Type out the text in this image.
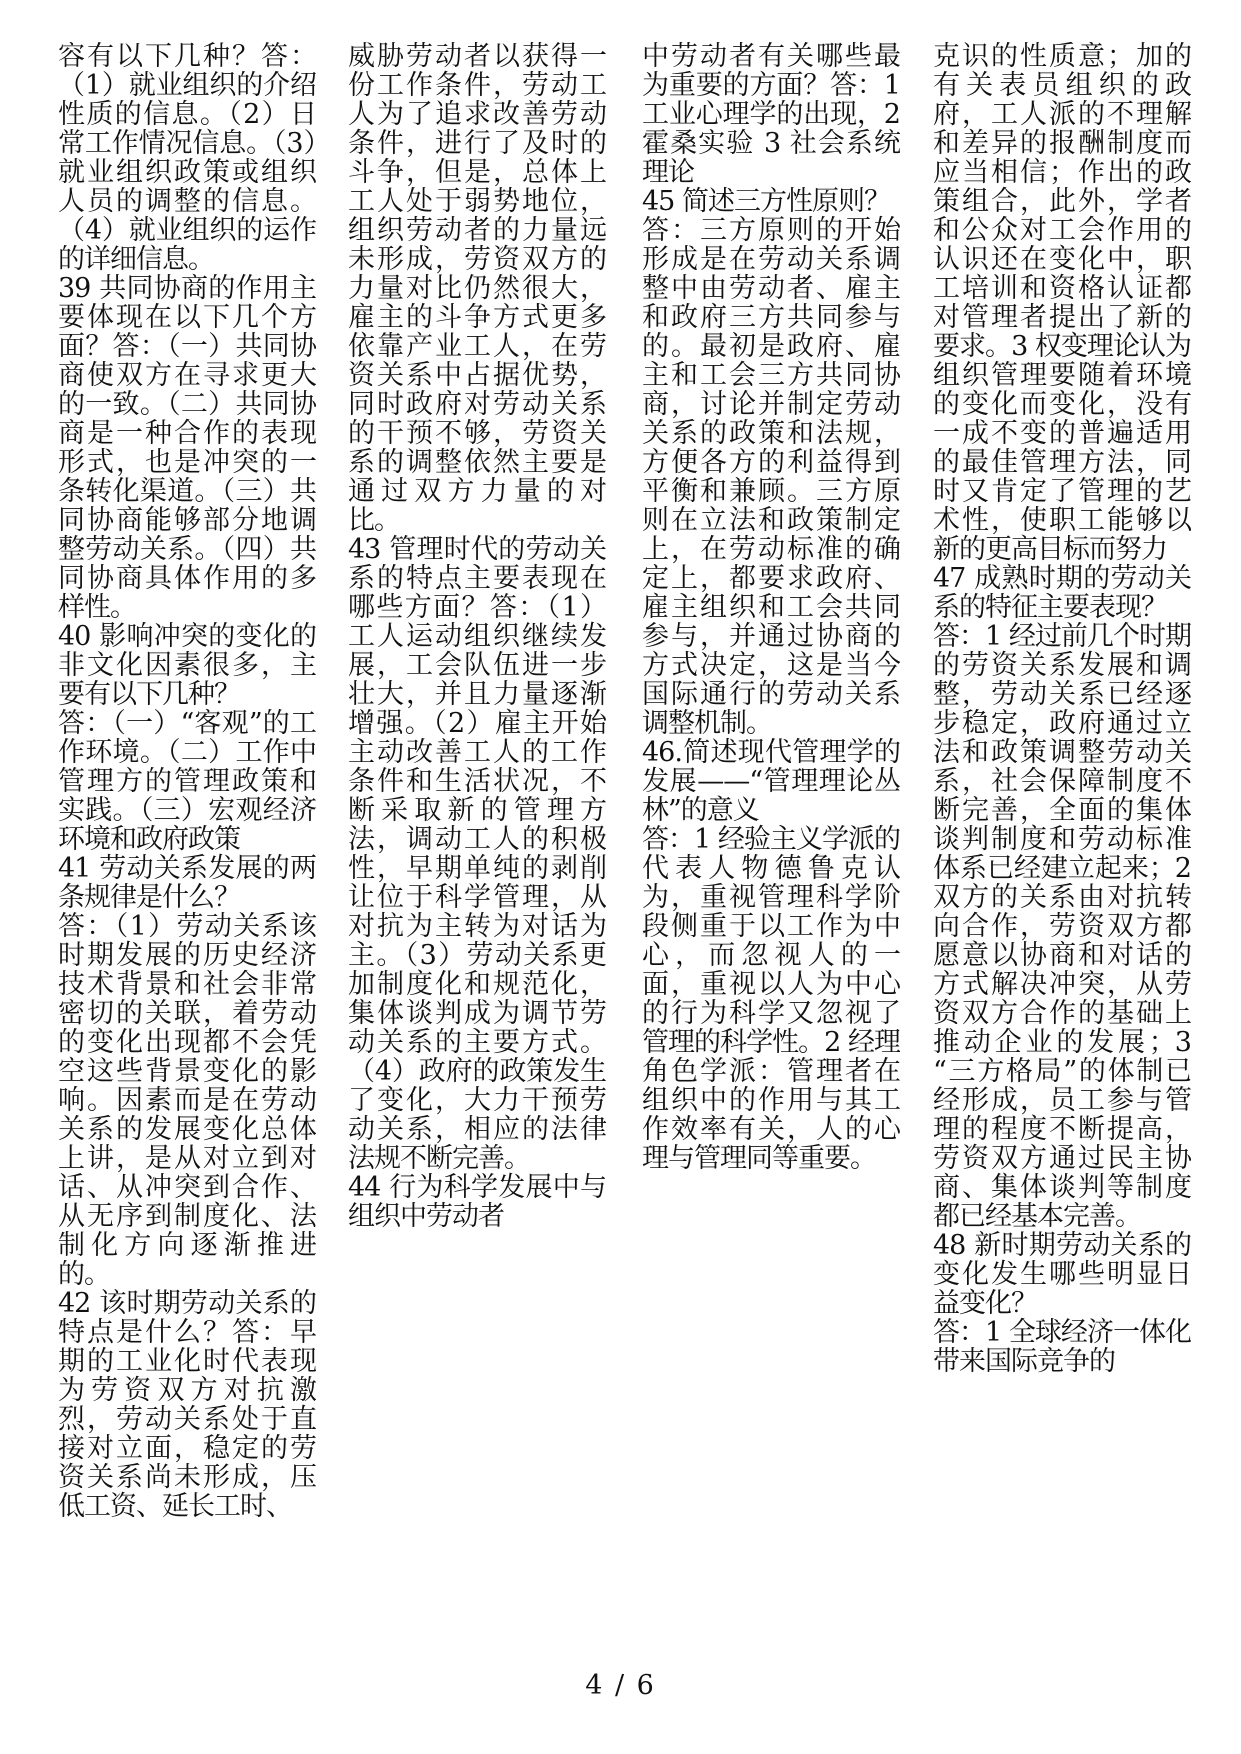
容有以下几种？答：（1）就业组织的介绍性质的信息。（2）日常工作情况信息。（3）就业组织政策或组织人员的调整的信息。（4）就业组织的运作的详细信息。

39 共同协商的作用主要体现在以下几个方面？答：（一）共同协商使双方在寻求更大的一致。（二）共同协商是一种合作的表现形式，也是冲突的一条转化渠道。（三）共同协商能够部分地调整劳动关系。（四）共同协商具体作用的多样性。

40 影响冲突的变化的非文化因素很多，主要有以下几种？

答：（一）“客观”的工作环境。（二）工作中管理方的管理政策和实践。（三）宏观经济环境和政府政策

41 劳动关系发展的两条规律是什么？

答：（1）劳动关系该时期发展的历史经济技术背景和社会非常密切的关联，着劳动的变化出现都不会凭空这些背景变化的影响。因素而是在劳动关系的发展变化总体上讲，是从对立到对话、从冲突到合作、从无序到制度化、法制化方向逐渐推进的。

42 该时期劳动关系的特点是什么？答：早期的工业化时代表现为劳资双方对抗激烈，劳动关系处于直接对立面，稳定的劳资关系尚未形成，压低工资、延长工时、

威胁劳动者以获得一份工作条件，劳动工人为了追求改善劳动条件，进行了及时的斗争，但是，总体上工人处于弱势地位，组织劳动者的力量远未形成，劳资双方的力量对比仍然很大，雇主的斗争方式更多依靠产业工人，在劳资关系中占据优势，同时政府对劳动关系的干预不够，劳资关系的调整依然主要是通过双方力量的对比。

43 管理时代的劳动关系的特点主要表现在哪些方面？答：（1）工人运动组织继续发展，工会队伍进一步壮大，并且力量逐渐增强。（2）雇主开始主动改善工人的工作条件和生活状况，不断采取新的管理方法，调动工人的积极性，早期单纯的剥削让位于科学管理，从对抗为主转为对话为主。（3）劳动关系更加制度化和规范化，集体谈判成为调节劳动关系的主要方式。（4）政府的政策发生了变化，大力干预劳动关系，相应的法律法规不断完善。

44 行为科学发展中与组织中劳动者

中劳动者有关哪些最为重要的方面？答：1 工业心理学的出现，2 霍桑实验 3 社会系统理论

45 简述三方性原则？

答：三方原则的开始形成是在劳动关系调整中由劳动者、雇主和政府三方共同参与的。最初是政府、雇主和工会三方共同协商，讨论并制定劳动关系的政策和法规，方便各方的利益得到平衡和兼顾。三方原则在立法和政策制定上，在劳动标准的确定上，都要求政府、雇主组织和工会共同参与，并通过协商的方式决定，这是当今国际通行的劳动关系调整机制。

46.简述现代管理学的发展——“管理理论丛林”的意义

答：1 经验主义学派的代表人物德鲁克认为，重视管理科学阶段侧重于以工作为中心，而忽视人的一面，重视以人为中心的行为科学又忽视了管理的科学性。2 经理角色学派：管理者在组织中的作用与其工作效率有关，人的心理与管理同等重要。

克识的性质意；加的有关表员组织的政府，工人派的不理解和差异的报酬制度而应当相信；作出的政策组合，此外，学者和公众对工会作用的认识还在变化中，职工培训和资格认证都对管理者提出了新的要求。3 权变理论认为组织管理要随着环境的变化而变化，没有一成不变的普遍适用的最佳管理方法，同时又肯定了管理的艺术性，使职工能够以新的更高目标而努力

47 成熟时期的劳动关系的特征主要表现？

答：1 经过前几个时期的劳资关系发展和调整，劳动关系已经逐步稳定，政府通过立法和政策调整劳动关系，社会保障制度不断完善，全面的集体谈判制度和劳动标准体系已经建立起来；2 双方的关系由对抗转向合作，劳资双方都愿意以协商和对话的方式解决冲突，从劳资双方合作的基础上推动企业的发展；3 “三方格局”的体制已经形成，员工参与管理的程度不断提高，劳资双方通过民主协商、集体谈判等制度都已经基本完善。

48 新时期劳动关系的变化发生哪些明显日益变化？

答：1 全球经济一体化带来国际竞争的

4 / 6
